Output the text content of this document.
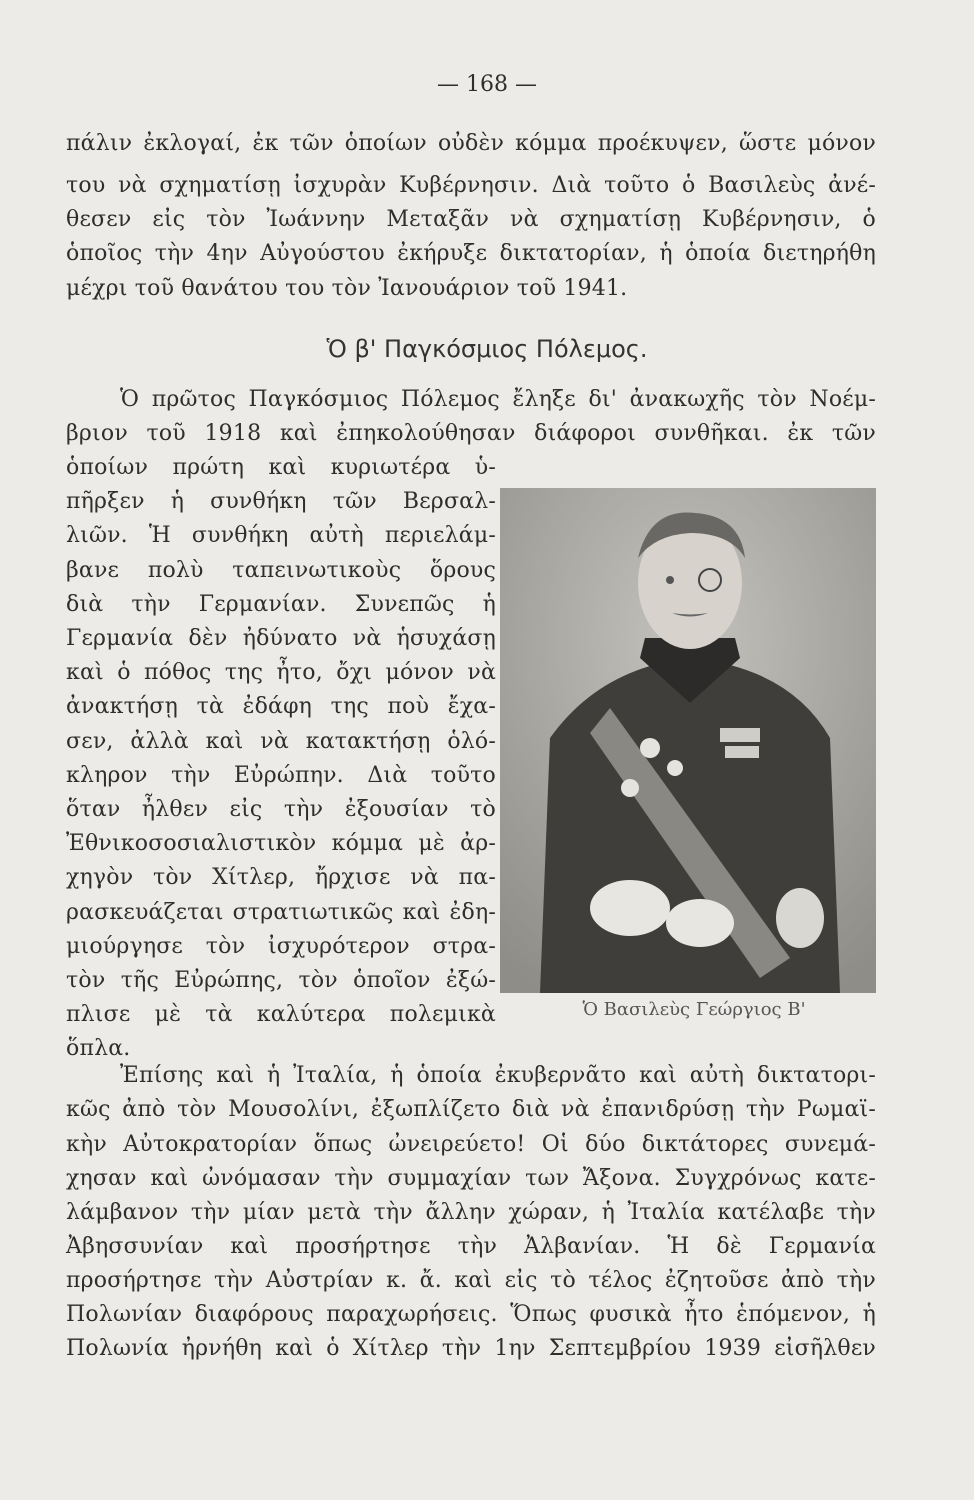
— 168 —
πάλιν ἐκλογαί, ἐκ τῶν ὁποίων οὐδὲν κόμμα προέκυψεν, ὥστε μόνον
του νὰ σχηματίσῃ ἰσχυρὰν Κυβέρνησιν. Διὰ τοῦτο ὁ Βασιλεὺς ἀνέ-
θεσεν εἰς τὸν Ἰωάννην Μεταξᾶν νὰ σχηματίσῃ Κυβέρνησιν, ὁ
ὁποῖος τὴν 4ην Αὐγούστου ἐκήρυξε δικτατορίαν, ἡ ὁποία διετηρήθη
μέχρι τοῦ θανάτου του τὸν Ἰανουάριον τοῦ 1941.
Ὁ β' Παγκόσμιος Πόλεμος.
Ὁ πρῶτος Παγκόσμιος Πόλεμος ἔληξε δι' ἀνακωχῆς τὸν Νοέμ-
βριον τοῦ 1918 καὶ ἐπηκολούθησαν διάφοροι συνθῆκαι. ἐκ τῶν
ὁποίων πρώτη καὶ κυριωτέρα ὑ-
πῆρξεν ἡ συνθήκη τῶν Βερσαλ-
λιῶν. Ἡ συνθήκη αὐτὴ περιελάμ-
βανε πολὺ ταπεινωτικοὺς ὅρους
διὰ τὴν Γερμανίαν. Συνεπῶς ἡ
Γερμανία δὲν ἠδύνατο νὰ ἡσυχάσῃ
καὶ ὁ πόθος της ἦτο, ὄχι μόνον νὰ
ἀνακτήσῃ τὰ ἐδάφη της ποὺ ἔχα-
σεν, ἀλλὰ καὶ νὰ κατακτήσῃ ὁλό-
κληρον τὴν Εὐρώπην. Διὰ τοῦτο
ὅταν ἦλθεν εἰς τὴν ἐξουσίαν τὸ
Ἐθνικοσοσιαλιστικὸν κόμμα μὲ ἀρ-
χηγὸν τὸν Χίτλερ, ἤρχισε νὰ πα-
ρασκευάζεται στρατιωτικῶς καὶ ἐδη-
μιούργησε τὸν ἰσχυρότερον στρα-
τὸν τῆς Εὐρώπης, τὸν ὁποῖον ἐξώ-
πλισε μὲ τὰ καλύτερα πολεμικὰ
ὅπλα.
Ὁ Βασιλεὺς Γεώργιος Β'
Ἐπίσης καὶ ἡ Ἰταλία, ἡ ὁποία ἐκυβερνᾶτο καὶ αὐτὴ δικτατορι-
κῶς ἀπὸ τὸν Μουσολίνι, ἐξωπλίζετο διὰ νὰ ἐπανιδρύσῃ τὴν Ρωμαϊ-
κὴν Αὐτοκρατορίαν ὅπως ὠνειρεύετο! Οἱ δύο δικτάτορες συνεμά-
χησαν καὶ ὠνόμασαν τὴν συμμαχίαν των Ἄξονα. Συγχρόνως κατε-
λάμβανον τὴν μίαν μετὰ τὴν ἄλλην χώραν, ἡ Ἰταλία κατέλαβε τὴν
Ἀβησσυνίαν καὶ προσήρτησε τὴν Ἀλβανίαν. Ἡ δὲ Γερμανία
προσήρτησε τὴν Αὐστρίαν κ. ἄ. καὶ εἰς τὸ τέλος ἐζητοῦσε ἀπὸ τὴν
Πολωνίαν διαφόρους παραχωρήσεις. Ὅπως φυσικὰ ἦτο ἑπόμενον, ἡ
Πολωνία ἠρνήθη καὶ ὁ Χίτλερ τὴν 1ην Σεπτεμβρίου 1939 εἰσῆλθεν
